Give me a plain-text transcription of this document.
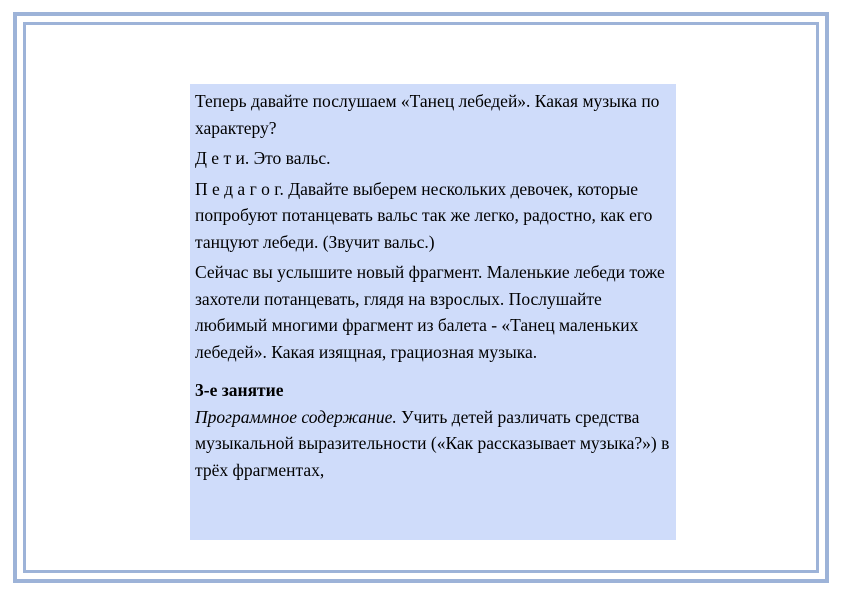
Теперь давайте послушаем «Танец лебедей». Какая музыка по характеру?

Д е т и. Это вальс.

П е д а г о г. Давайте выберем нескольких девочек, которые попробуют потанцевать вальс так же легко, радостно, как его танцуют лебеди. (Звучит вальс.)

Сейчас вы услышите новый фрагмент. Маленькие лебеди тоже захотели потанцевать, глядя на взрослых. Послушайте любимый многими фрагмент из балета - «Танец маленьких лебедей». Какая изящная, грациозная музыка.

3-е занятие

Программное содержание. Учить детей различать средства музыкальной выразительности («Как рассказывает музыка?») в трёх фрагментах,
